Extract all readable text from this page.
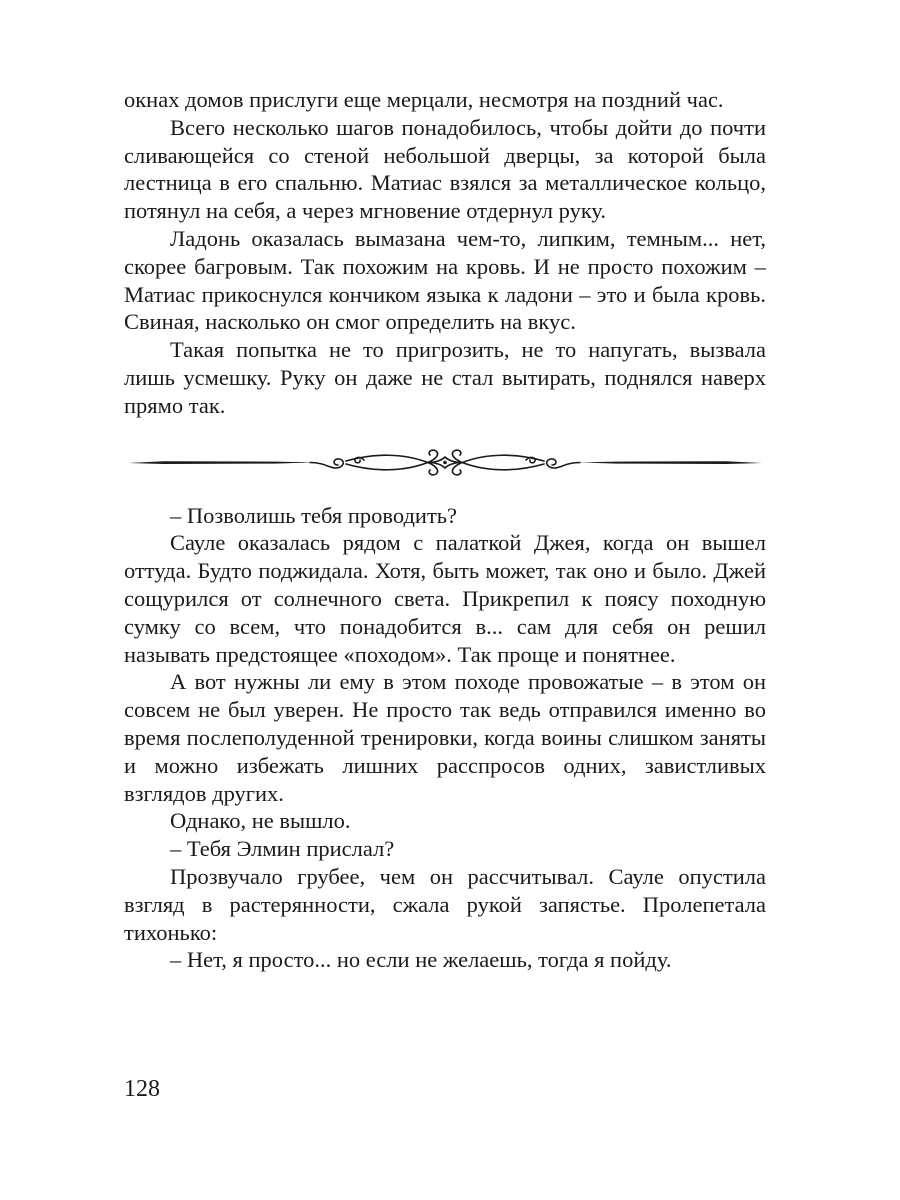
окнах домов прислуги еще мерцали, несмотря на поздний час.

Всего несколько шагов понадобилось, чтобы дойти до почти сливающейся со стеной небольшой дверцы, за которой была лестница в его спальню. Матиас взялся за металлическое кольцо, потянул на себя, а через мгновение отдернул руку.

Ладонь оказалась вымазана чем-то, липким, темным... нет, скорее багровым. Так похожим на кровь. И не просто похожим – Матиас прикоснулся кончиком языка к ладони – это и была кровь. Свиная, насколько он смог определить на вкус.

Такая попытка не то пригрозить, не то напугать, вызвала лишь усмешку. Руку он даже не стал вытирать, поднялся наверх прямо так.

– Позволишь тебя проводить?

Сауле оказалась рядом с палаткой Джея, когда он вышел оттуда. Будто поджидала. Хотя, быть может, так оно и было. Джей сощурился от солнечного света. Прикрепил к поясу походную сумку со всем, что понадобится в... сам для себя он решил называть предстоящее «походом». Так проще и понятнее.

А вот нужны ли ему в этом походе провожатые – в этом он совсем не был уверен. Не просто так ведь отправился именно во время послеполуденной тренировки, когда воины слишком заняты и можно избежать лишних расспросов одних, завистливых взглядов других.

Однако, не вышло.

– Тебя Элмин прислал?

Прозвучало грубее, чем он рассчитывал. Сауле опустила взгляд в растерянности, сжала рукой запястье. Пролепетала тихонько:

– Нет, я просто... но если не желаешь, тогда я пойду.

128
